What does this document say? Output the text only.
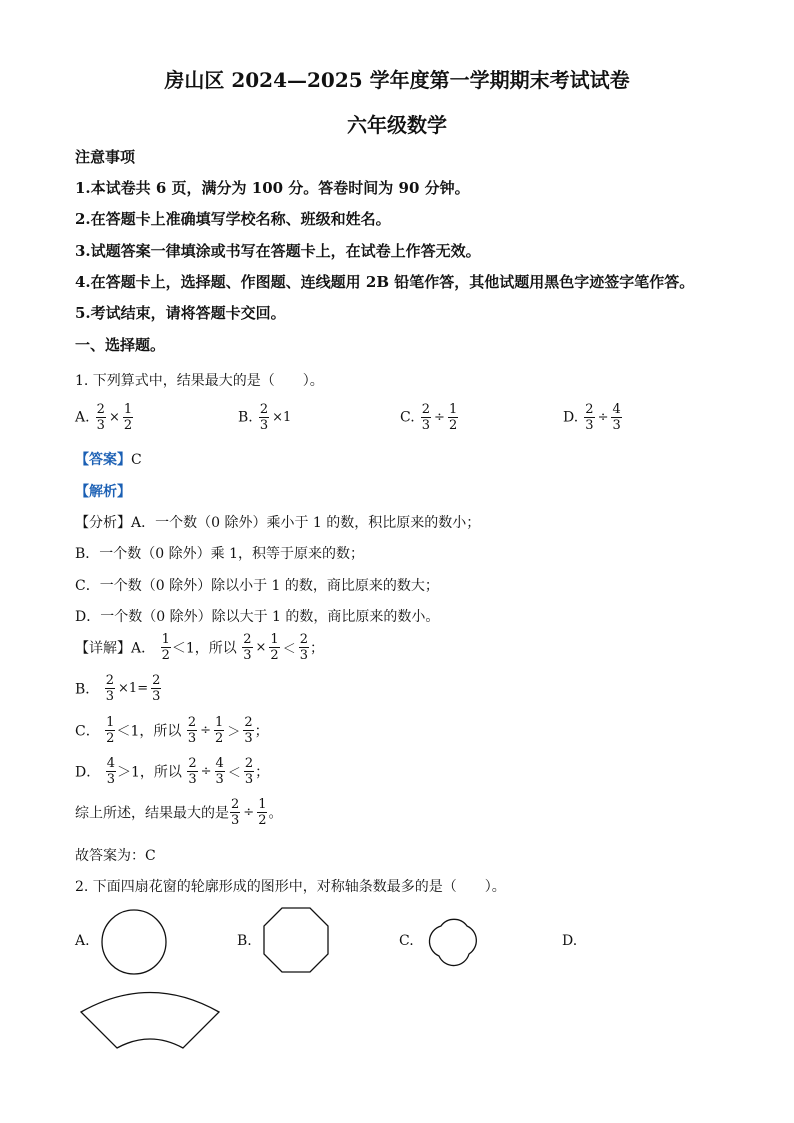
房山区 2024—2025 学年度第一学期期末考试试卷
六年级数学
注意事项
1.本试卷共 6 页，满分为 100 分。答卷时间为 90 分钟。
2.在答题卡上准确填写学校名称、班级和姓名。
3.试题答案一律填涂或书写在答题卡上，在试卷上作答无效。
4.在答题卡上，选择题、作图题、连线题用 2B 铅笔作答，其他试题用黑色字迹签字笔作答。
5.考试结束，请将答题卡交回。
一、选择题。
1. 下列算式中，结果最大的是（　　）。
A. $\frac{2}{3} \times \frac{1}{2}$	B. $\frac{2}{3} \times 1$	C. $\frac{2}{3} \div \frac{1}{2}$	D. $\frac{2}{3} \div \frac{4}{3}$
【答案】C
【解析】
【分析】A．一个数（0 除外）乘小于 1 的数，积比原来的数小；
B．一个数（0 除外）乘 1，积等于原来的数；
C．一个数（0 除外）除以小于 1 的数，商比原来的数大；
D．一个数（0 除外）除以大于 1 的数，商比原来的数小。
【详解】A． $\frac{1}{2} <1$，所以 $\frac{2}{3} \times \frac{1}{2} < \frac{2}{3}$ ；
B． $\frac{2}{3} \times 1= \frac{2}{3}$
C． $\frac{1}{2} <1$，所以 $\frac{2}{3} \div \frac{1}{2} > \frac{2}{3}$ ；
D． $\frac{4}{3} >1$，所以 $\frac{2}{3} \div \frac{4}{3} < \frac{2}{3}$ ；
综上所述，结果最大的是 $\frac{2}{3} \div \frac{1}{2}$ 。
故答案为：C
2. 下面四扇花窗的轮廓形成的图形中，对称轴条数最多的是（　　）。
A.	B.	C.	D.
